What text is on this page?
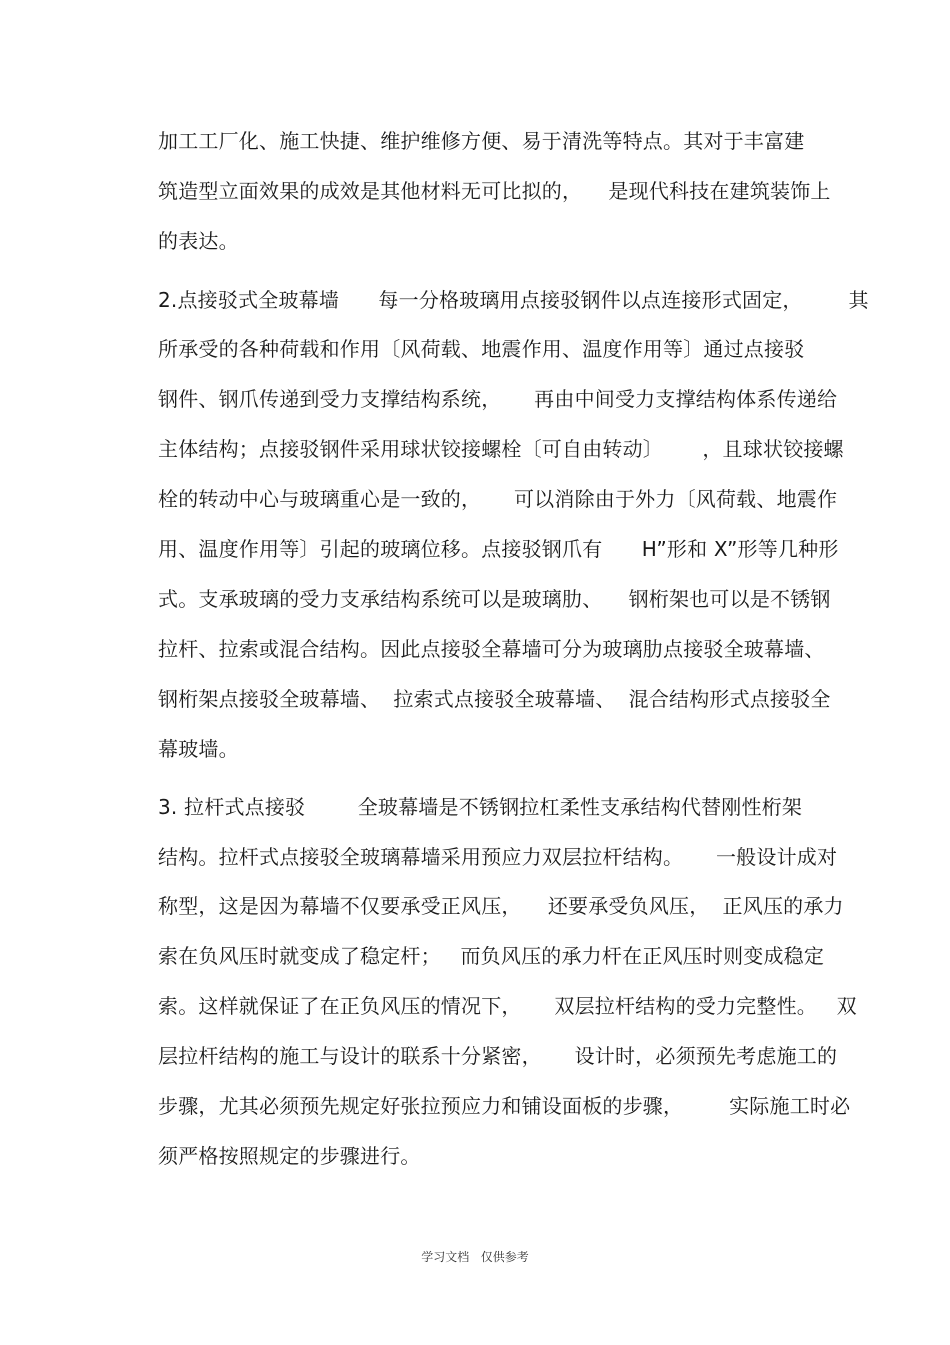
加工工厂化、施工快捷、维护维修方便、易于清洗等特点。其对于丰富建
筑造型立面效果的成效是其他材料无可比拟的，    是现代科技在建筑装饰上
的表达。
2.点接驳式全玻幕墙      每一分格玻璃用点接驳钢件以点连接形式固定，       其
所承受的各种荷载和作用〔风荷载、地震作用、温度作用等〕通过点接驳
钢件、钢爪传递到受力支撑结构系统，     再由中间受力支撑结构体系传递给
主体结构；点接驳钢件采用球状铰接螺栓〔可自由转动〕      ，且球状铰接螺
栓的转动中心与玻璃重心是一致的，     可以消除由于外力〔风荷载、地震作
用、温度作用等〕引起的玻璃位移。点接驳钢爪有      H”形和 X”形等几种形
式。支承玻璃的受力支承结构系统可以是玻璃肋、    钢桁架也可以是不锈钢
拉杆、拉索或混合结构。因此点接驳全幕墙可分为玻璃肋点接驳全玻幕墙、
钢桁架点接驳全玻幕墙、  拉索式点接驳全玻幕墙、  混合结构形式点接驳全
幕玻墙。
3. 拉杆式点接驳        全玻幕墙是不锈钢拉杠柔性支承结构代替刚性桁架
结构。拉杆式点接驳全玻璃幕墙采用预应力双层拉杆结构。     一般设计成对
称型，这是因为幕墙不仅要承受正风压，    还要承受负风压，  正风压的承力
索在负风压时就变成了稳定杆；   而负风压的承力杆在正风压时则变成稳定
索。这样就保证了在正负风压的情况下，     双层拉杆结构的受力完整性。   双
层拉杆结构的施工与设计的联系十分紧密，     设计时，必须预先考虑施工的
步骤，尤其必须预先规定好张拉预应力和铺设面板的步骤，       实际施工时必
须严格按照规定的步骤进行。
学习文档   仅供参考
